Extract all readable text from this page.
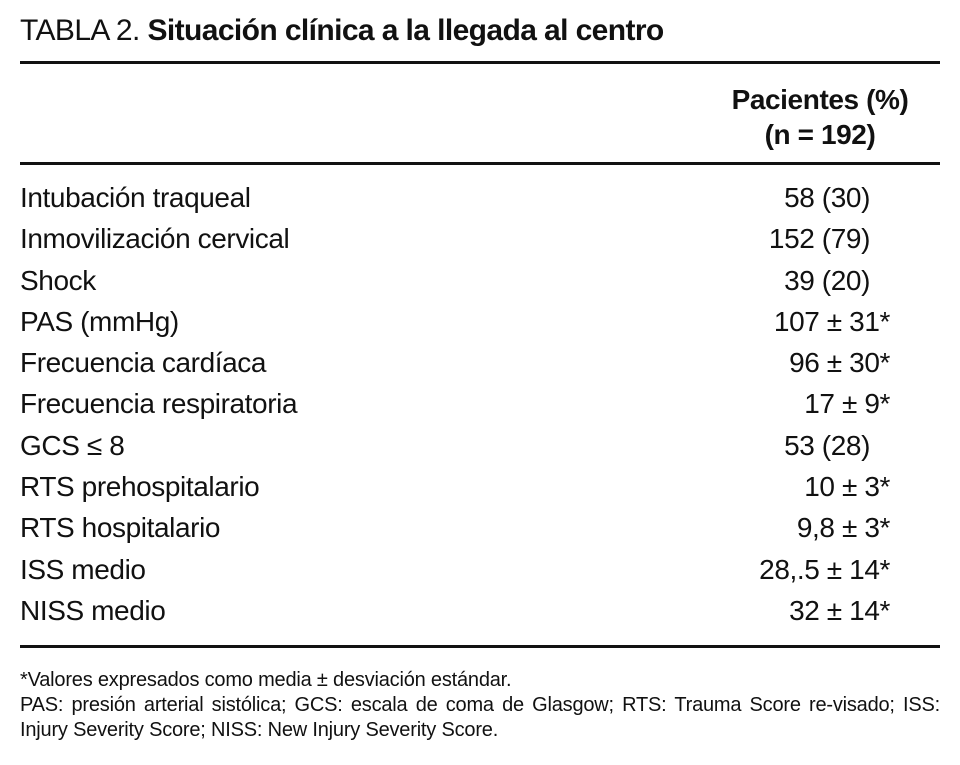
TABLA 2. Situación clínica a la llegada al centro
Pacientes (%)
(n = 192)
Intubación traqueal	58 (30)
Inmovilización cervical	152 (79)
Shock	39 (20)
PAS (mmHg)	107 ± 31*
Frecuencia cardíaca	96 ± 30*
Frecuencia respiratoria	17 ± 9*
GCS ≤ 8	53 (28)
RTS prehospitalario	10 ± 3*
RTS hospitalario	9,8 ± 3*
ISS medio	28,.5 ± 14*
NISS medio	32 ± 14*

*Valores expresados como media ± desviación estándar.

PAS: presión arterial sistólica; GCS: escala de coma de Glasgow; RTS: Trauma Score re-visado; ISS: Injury Severity Score; NISS: New Injury Severity Score.
